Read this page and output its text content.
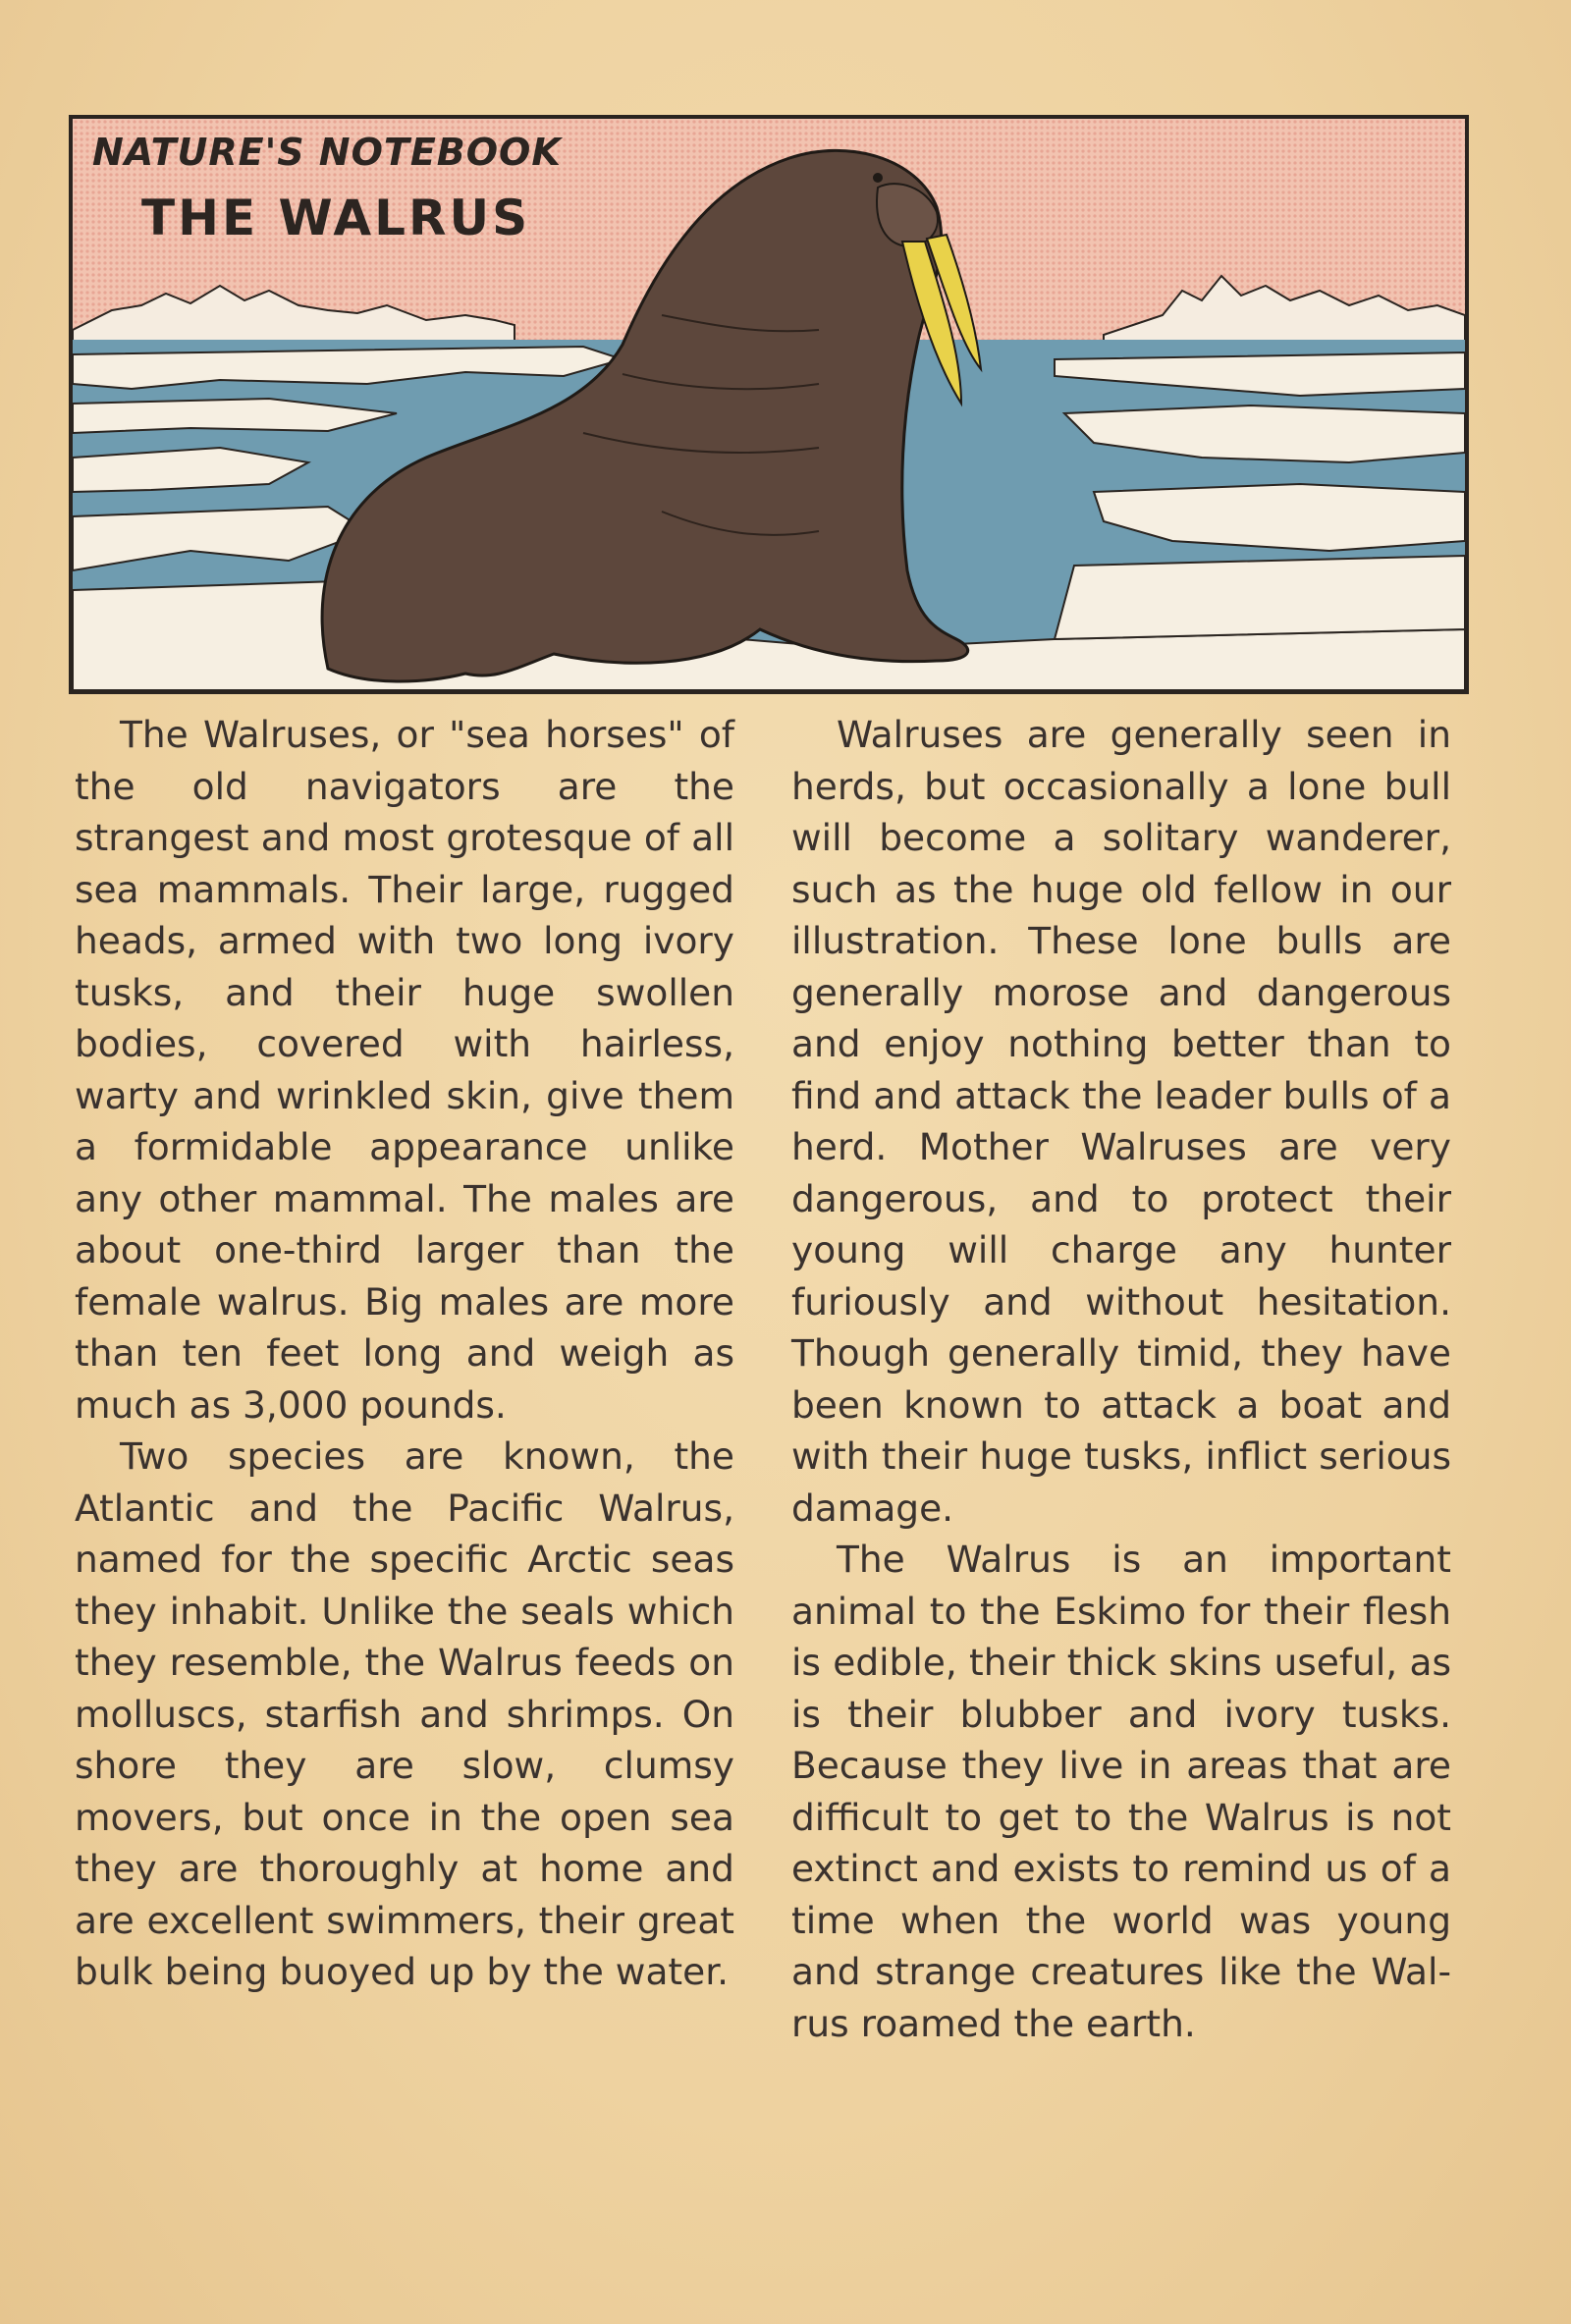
NATURE'S NOTEBOOK
THE WALRUS

The Walruses, or "sea horses" of the old navigators are the strangest and most grotesque of all sea mammals. Their large, rugged heads, armed with two long ivory tusks, and their huge swollen bodies, covered with hairless, warty and wrinkled skin, give them a formidable appearance unlike any other mammal. The males are about one-third larger than the female walrus. Big males are more than ten feet long and weigh as much as 3,000 pounds.

Two species are known, the Atlantic and the Pacific Walrus, named for the specific Arctic seas they inhabit. Unlike the seals which they resemble, the Walrus feeds on molluscs, starfish and shrimps. On shore they are slow, clumsy movers, but once in the open sea they are thoroughly at home and are excellent swimmers, their great bulk being buoyed up by the water.

Walruses are generally seen in herds, but occasionally a lone bull will become a solitary wanderer, such as the huge old fellow in our illustration. These lone bulls are generally morose and dangerous and enjoy nothing better than to find and attack the leader bulls of a herd. Mother Walruses are very dangerous, and to protect their young will charge any hunter furiously and without hesitation. Though generally timid, they have been known to attack a boat and with their huge tusks, inflict serious damage.

The Walrus is an important animal to the Eskimo for their flesh is edible, their thick skins useful, as is their blubber and ivory tusks. Because they live in areas that are difficult to get to the Walrus is not extinct and exists to remind us of a time when the world was young and strange creatures like the Walrus roamed the earth.
